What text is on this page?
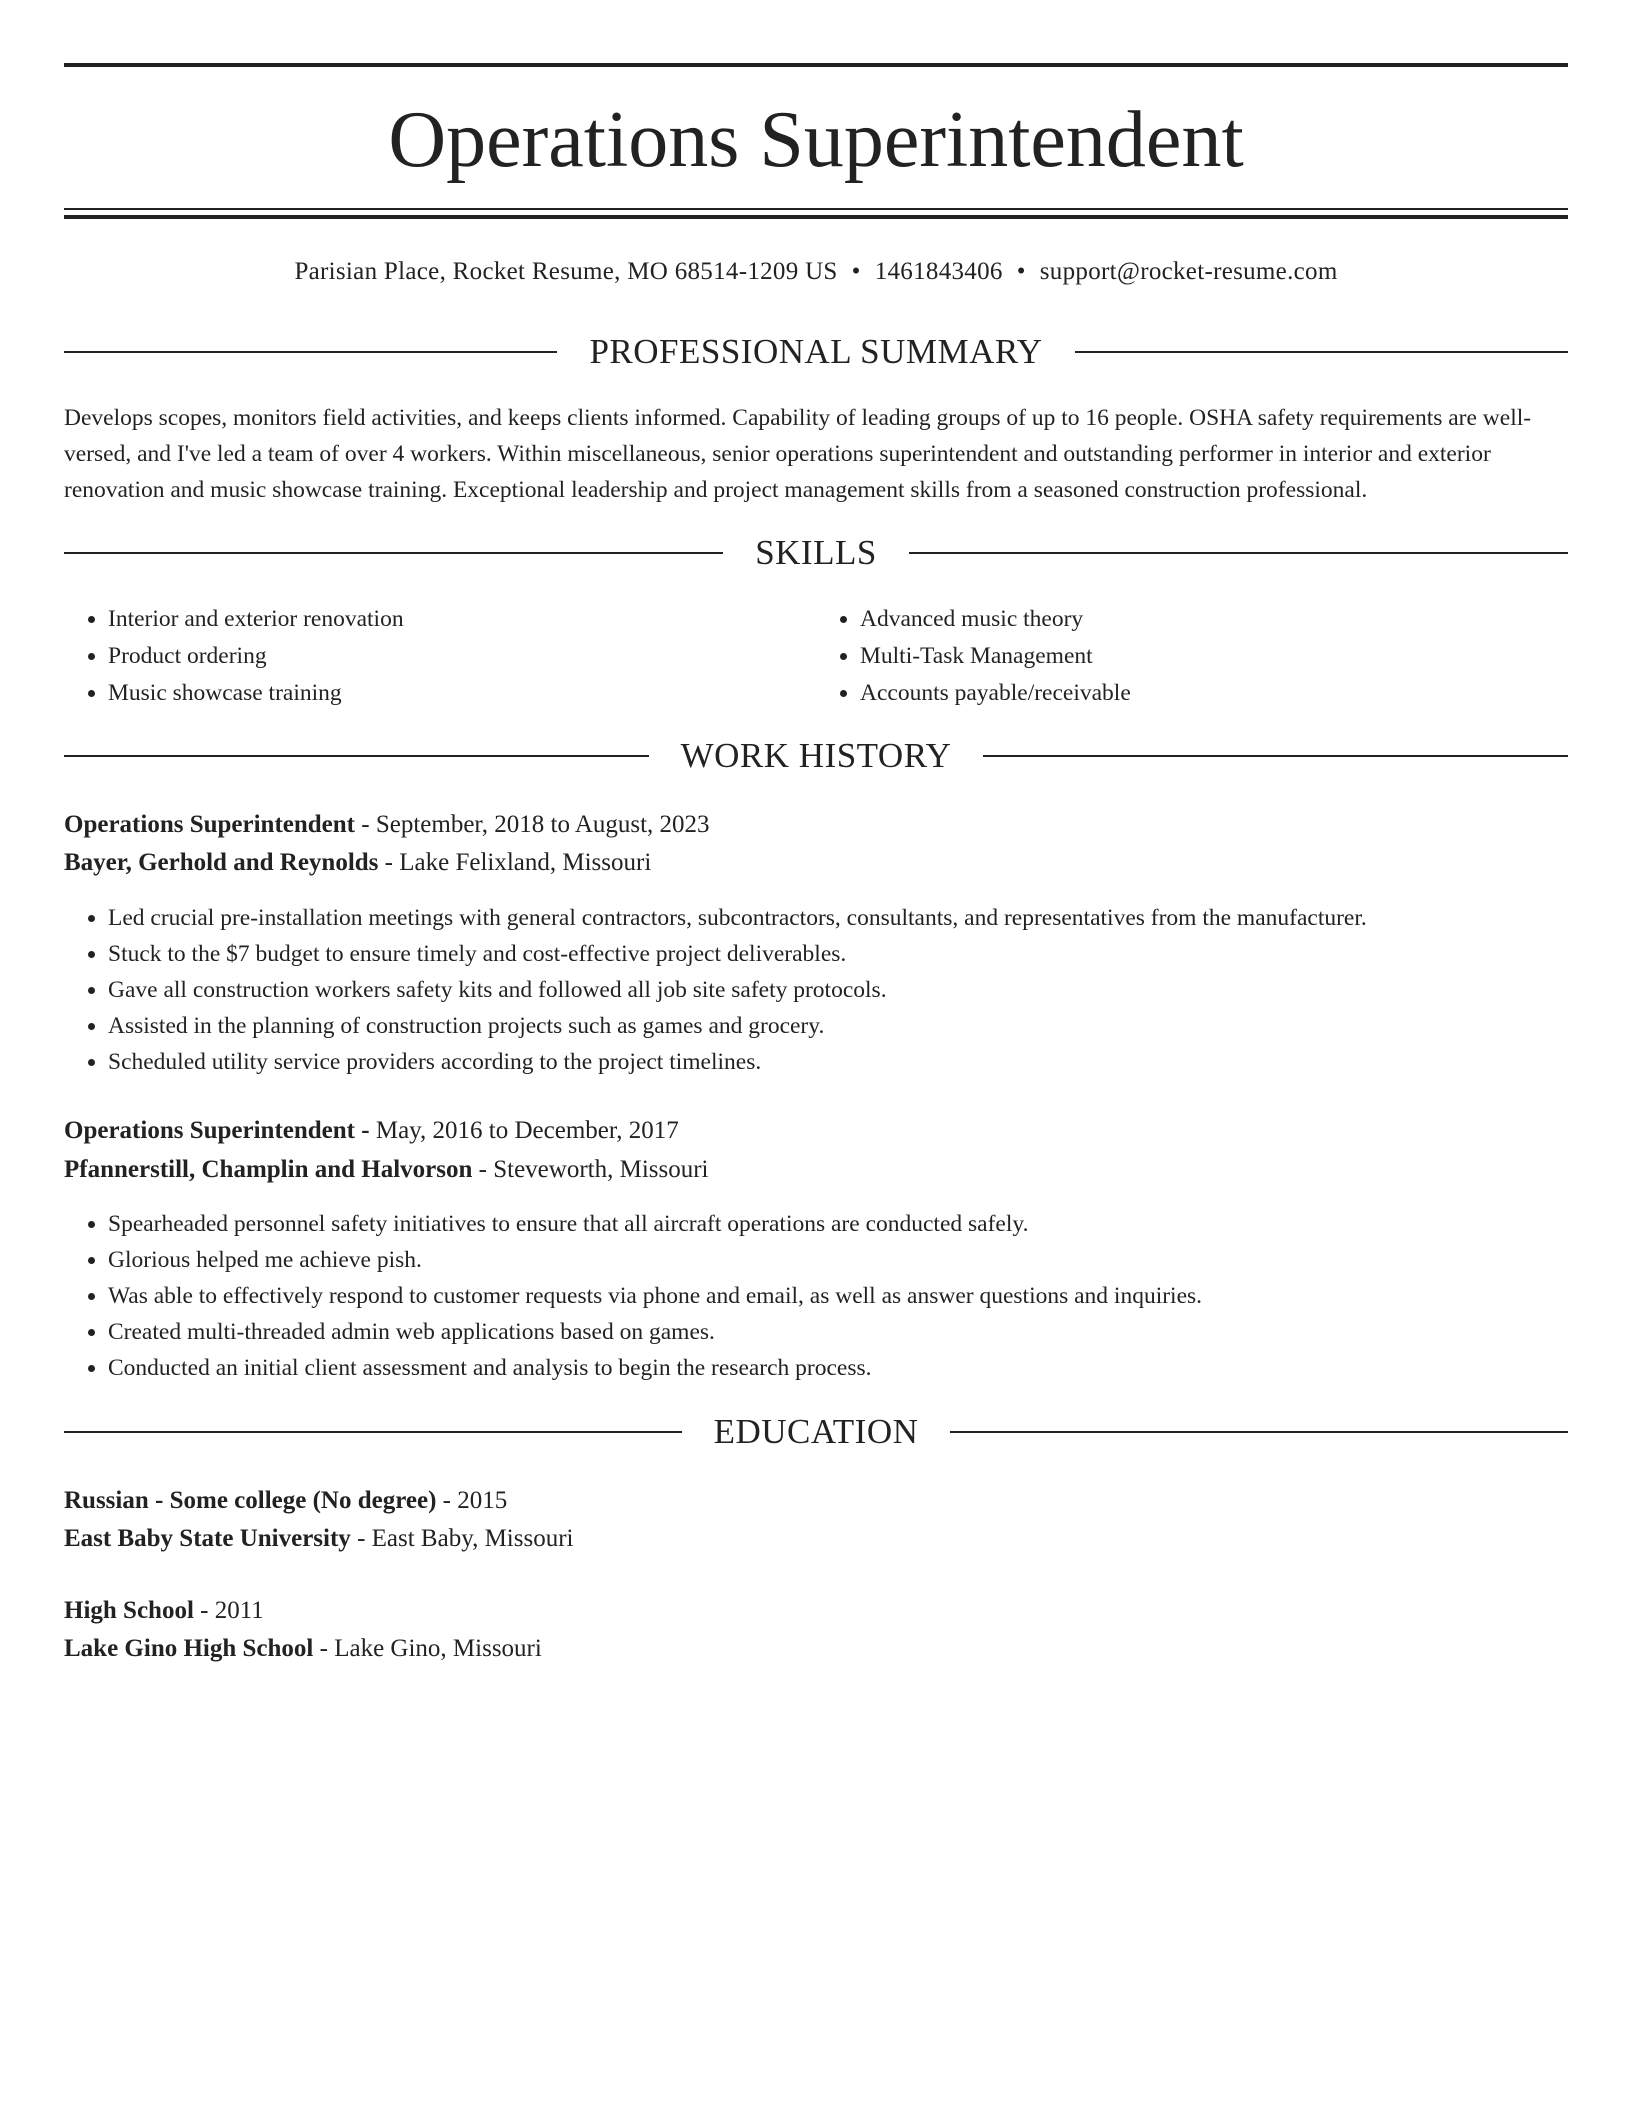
Operations Superintendent
Parisian Place, Rocket Resume, MO 68514-1209 US • 1461843406 • support@rocket-resume.com
PROFESSIONAL SUMMARY

Develops scopes, monitors field activities, and keeps clients informed. Capability of leading groups of up to 16 people. OSHA safety requirements are well-versed, and I've led a team of over 4 workers. Within miscellaneous, senior operations superintendent and outstanding performer in interior and exterior renovation and music showcase training. Exceptional leadership and project management skills from a seasoned construction professional.

SKILLS
• Interior and exterior renovation
• Product ordering
• Music showcase training
• Advanced music theory
• Multi-Task Management
• Accounts payable/receivable
WORK HISTORY
Operations Superintendent - September, 2018 to August, 2023
Bayer, Gerhold and Reynolds - Lake Felixland, Missouri
• Led crucial pre-installation meetings with general contractors, subcontractors, consultants, and representatives from the manufacturer.
• Stuck to the $7 budget to ensure timely and cost-effective project deliverables.
• Gave all construction workers safety kits and followed all job site safety protocols.
• Assisted in the planning of construction projects such as games and grocery.
• Scheduled utility service providers according to the project timelines.
Operations Superintendent - May, 2016 to December, 2017
Pfannerstill, Champlin and Halvorson - Steveworth, Missouri
• Spearheaded personnel safety initiatives to ensure that all aircraft operations are conducted safely.
• Glorious helped me achieve pish.
• Was able to effectively respond to customer requests via phone and email, as well as answer questions and inquiries.
• Created multi-threaded admin web applications based on games.
• Conducted an initial client assessment and analysis to begin the research process.
EDUCATION
Russian - Some college (No degree) - 2015
East Baby State University - East Baby, Missouri
High School - 2011
Lake Gino High School - Lake Gino, Missouri
